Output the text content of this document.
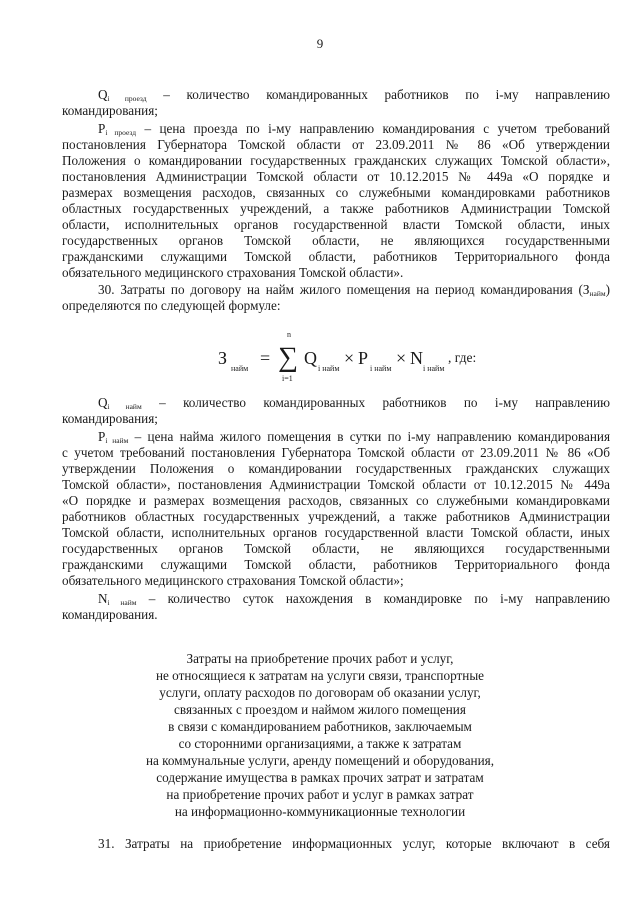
9
Qi проезд – количество командированных работников по i-му направлению
командирования;
Pi проезд – цена проезда по i-му направлению командирования с учетом требований
постановления Губернатора Томской области от 23.09.2011 № 86 «Об утверждении
Положения о командировании государственных гражданских служащих Томской области»,
постановления Администрации Томской области от 10.12.2015 № 449а «О порядке и
размерах возмещения расходов, связанных со служебными командировками работников
областных государственных учреждений, а также работников Администрации Томской
области, исполнительных органов государственной власти Томской области, иных
государственных органов Томской области, не являющихся государственными
гражданскими служащими Томской области, работников Территориального фонда
обязательного медицинского страхования Томской области».
30. Затраты по договору на найм жилого помещения на период командирования (Знайм)
определяются по следующей формуле:
З
найм
=
n
∑
i=1
Q
i найм
× P
i найм
× N
i найм
, где:
Qi найм – количество командированных работников по i-му направлению
командирования;
Pi найм – цена найма жилого помещения в сутки по i-му направлению командирования
с учетом требований постановления Губернатора Томской области от 23.09.2011 № 86 «Об
утверждении Положения о командировании государственных гражданских служащих
Томской области», постановления Администрации Томской области от 10.12.2015 № 449а
«О порядке и размерах возмещения расходов, связанных со служебными командировками
работников областных государственных учреждений, а также работников Администрации
Томской области, исполнительных органов государственной власти Томской области, иных
государственных органов Томской области, не являющихся государственными
гражданскими служащими Томской области, работников Территориального фонда
обязательного медицинского страхования Томской области»;
Ni найм – количество суток нахождения в командировке по i-му направлению
командирования.
Затраты на приобретение прочих работ и услуг,
не относящиеся к затратам на услуги связи, транспортные
услуги, оплату расходов по договорам об оказании услуг,
связанных с проездом и наймом жилого помещения
в связи с командированием работников, заключаемым
со сторонними организациями, а также к затратам
на коммунальные услуги, аренду помещений и оборудования,
содержание имущества в рамках прочих затрат и затратам
на приобретение прочих работ и услуг в рамках затрат
на информационно-коммуникационные технологии
31. Затраты на приобретение информационных услуг, которые включают в себя
